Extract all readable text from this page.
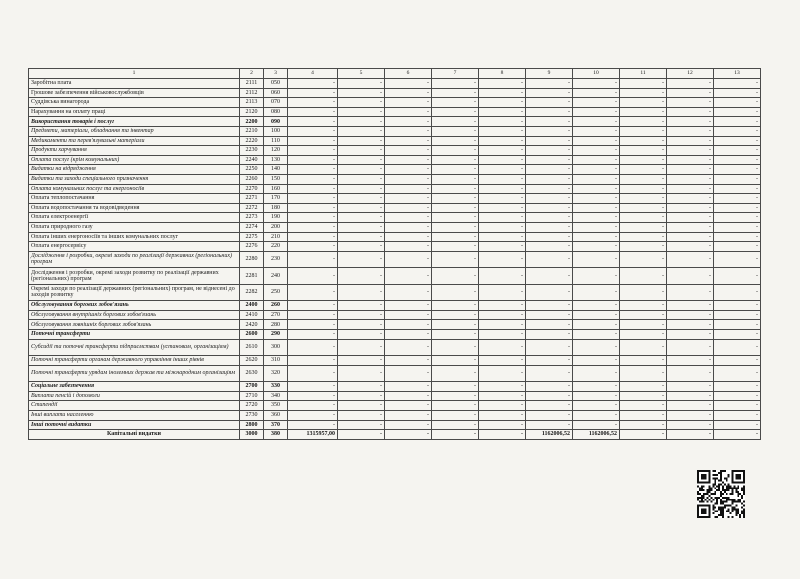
1	2	3	4	5	6	7	8	9	10	11	12	13
Заробітна плата	2111	050	-	-	-	-	-	-	-	-	-	-
Грошове забезпечення військовослужбовців	2112	060	-	-	-	-	-	-	-	-	-	-
Суддівська винагорода	2113	070	-	-	-	-	-	-	-	-	-	-
Нарахування на оплату праці	2120	080	-	-	-	-	-	-	-	-	-	-
Використання товарів і послуг	2200	090	-	-	-	-	-	-	-	-	-	-
Предмети, матеріали, обладнання та інвентар	2210	100	-	-	-	-	-	-	-	-	-	-
Медикаменти та перев'язувальні матеріали	2220	110	-	-	-	-	-	-	-	-	-	-
Продукти харчування	2230	120	-	-	-	-	-	-	-	-	-	-
Оплата послуг (крім комунальних)	2240	130	-	-	-	-	-	-	-	-	-	-
Видатки на відрядження	2250	140	-	-	-	-	-	-	-	-	-	-
Видатки та заходи спеціального призначення	2260	150	-	-	-	-	-	-	-	-	-	-
Оплата комунальних послуг та енергоносіїв	2270	160	-	-	-	-	-	-	-	-	-	-
Оплата теплопостачання	2271	170	-	-	-	-	-	-	-	-	-	-
Оплата водопостачання та водовідведення	2272	180	-	-	-	-	-	-	-	-	-	-
Оплата електроенергії	2273	190	-	-	-	-	-	-	-	-	-	-
Оплата природного газу	2274	200	-	-	-	-	-	-	-	-	-	-
Оплата інших енергоносіїв та інших комунальних послуг	2275	210	-	-	-	-	-	-	-	-	-	-
Оплата енергосервісу	2276	220	-	-	-	-	-	-	-	-	-	-
Дослідження і розробки, окремі заходи по реалізації державних (регіональних) програм	2280	230	-	-	-	-	-	-	-	-	-	-
Дослідження і розробки, окремі заходи розвитку по реалізації державних (регіональних) програм	2281	240	-	-	-	-	-	-	-	-	-	-
Окремі заходи по реалізації державних (регіональних) програм, не віднесені до заходів розвитку	2282	250	-	-	-	-	-	-	-	-	-	-
Обслуговування боргових зобов'язань	2400	260	-	-	-	-	-	-	-	-	-	-
Обслуговування внутрішніх боргових зобов'язань	2410	270	-	-	-	-	-	-	-	-	-	-
Обслуговування зовнішніх боргових зобов'язань	2420	280	-	-	-	-	-	-	-	-	-	-
Поточні трансферти	2600	290	-	-	-	-	-	-	-	-	-	-
Субсидії та поточні трансферти підприємствам (установам, організаціям)	2610	300	-	-	-	-	-	-	-	-	-	-
Поточні трансферти органам державного управління інших рівнів	2620	310	-	-	-	-	-	-	-	-	-	-
Поточні трансферти урядам іноземних держав та міжнародним організаціям	2630	320	-	-	-	-	-	-	-	-	-	-
Соціальне забезпечення	2700	330	-	-	-	-	-	-	-	-	-	-
Виплата пенсій і допомоги	2710	340	-	-	-	-	-	-	-	-	-	-
Стипендії	2720	350	-	-	-	-	-	-	-	-	-	-
Інші виплати населенню	2730	360	-	-	-	-	-	-	-	-	-	-
Інші поточні видатки	2800	370	-	-	-	-	-	-	-	-	-	-
Капітальні видатки	3000	380	1315957,00	-	-	-	-	1162006,52	1162006,52	-	-	-
